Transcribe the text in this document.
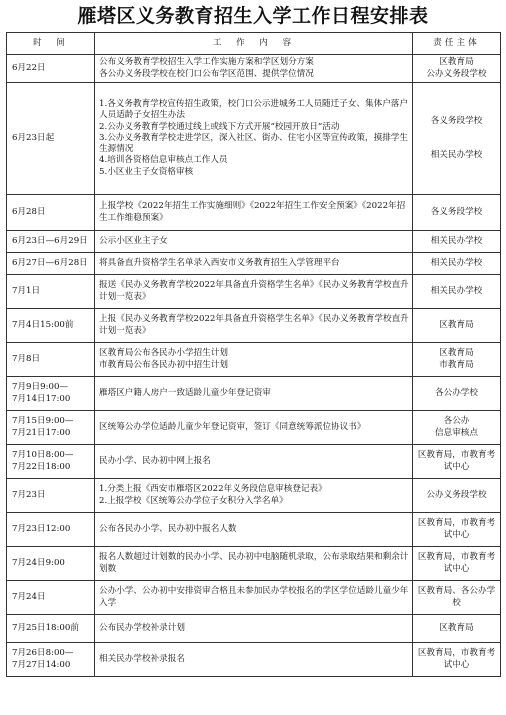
雁塔区义务教育招生入学工作日程安排表
时　间	工　作　内　容	责任主体
6月22日	公布义务教育学校招生入学工作实施方案和学区划分方案
各公办义务段学校在校门口公布学区范围、提供学位情况	区教育局
公办义务段学校
6月23日起	1.各义务教育学校宣传招生政策，校门口公示进城务工人员随迁子女、集体户落户人员适龄子女招生办法
2.公办义务教育学校通过线上或线下方式开展“校园开放日”活动
3.公办义务教育学校走进学区，深入社区、街办、住宅小区等宣传政策，摸排学生生源情况
4.培训各资格信息审核点工作人员
5.小区业主子女资格审核	各义务段学校

相关民办学校
6月28日	上报学校《2022年招生工作实施细则》《2022年招生工作安全预案》《2022年招生工作维稳预案》	各义务段学校
6月23日—6月29日	公示小区业主子女	相关民办学校
6月27日—6月28日	将具备直升资格学生名单录入西安市义务教育招生入学管理平台	相关民办学校
7月1日	报送《民办义务教育学校2022年具备直升资格学生名单》《民办义务教育学校直升计划一览表》	相关民办学校
7月4日15:00前	上报《民办义务教育学校2022年具备直升资格学生名单》《民办义务教育学校直升计划一览表》	区教育局
7月8日	区教育局公布各民办小学招生计划
市教育局公布各民办初中招生计划	区教育局
市教育局
7月9日9:00—
7月14日17:00	雁塔区户籍人房户一致适龄儿童少年登记资审	各公办学校
7月15日9:00—
7月21日17:00	区统筹公办学位适龄儿童少年登记资审，签订《同意统筹派位协议书》	各公办
信息审核点
7月10日8:00—
7月22日18:00	民办小学、民办初中网上报名	区教育局，市教育考试中心
7月23日	1.分类上报《西安市雁塔区2022年义务段信息审核登记表》
2.上报学校《区统筹公办学位子女积分入学名单》	公办义务段学校
7月23日12:00	公布各民办小学、民办初中报名人数	区教育局，市教育考试中心
7月24日9:00	报名人数超过计划数的民办小学、民办初中电脑随机录取，公布录取结果和剩余计划数	区教育局，市教育考试中心
7月24日	公办小学、公办初中安排资审合格且未参加民办学校报名的学区学位适龄儿童少年入学	区教育局、各公办学校
7月25日18:00前	公布民办学校补录计划	区教育局
7月26日8:00—
7月27日14:00	相关民办学校补录报名	区教育局，市教育考试中心
